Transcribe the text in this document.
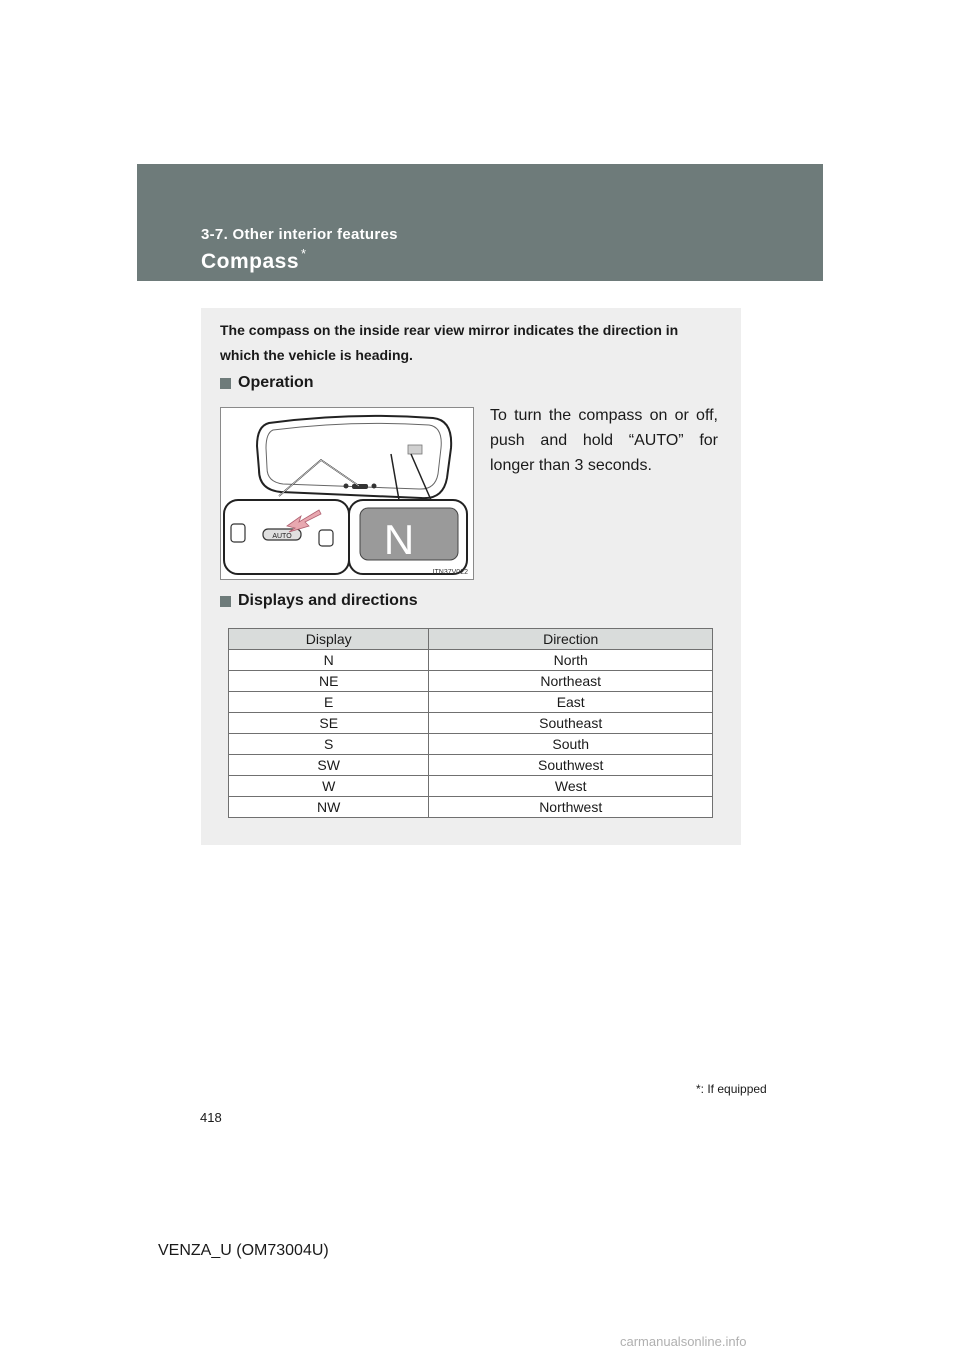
3-7. Other interior features
Compass *
The compass on the inside rear view mirror indicates the direction in which the vehicle is heading.
Operation
AUTO N
ITN37V022
To turn the compass on or off, push and hold “AUTO” for longer than 3 seconds.
Displays and directions
Display	Direction
N	North
NE	Northeast
E	East
SE	Southeast
S	South
SW	Southwest
W	West
NW	Northwest
*: If equipped
418
VENZA_U (OM73004U)
carmanualsonline.info
